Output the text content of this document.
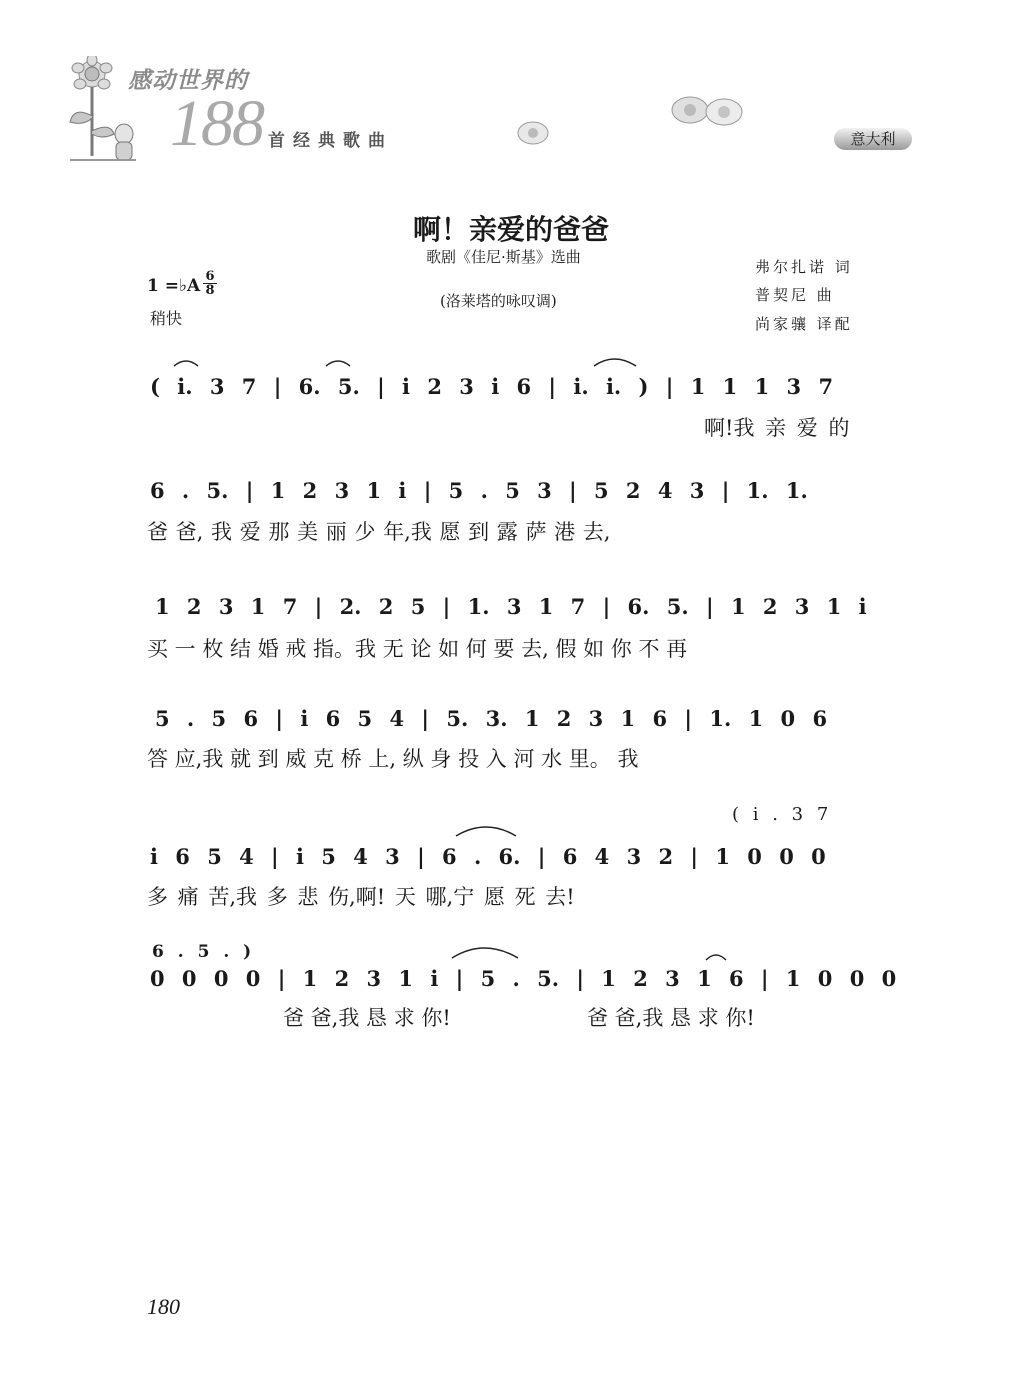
感动世界的
188 首经典歌曲	意大利
啊！亲爱的爸爸
歌剧《佳尼·斯基》选曲
(洛莱塔的咏叹调)
1 =♭A 6
8
稍快
弗尔扎诺 词
普契尼 曲
尚家骧 译配
( i. 3 7 | 6. 5. | i 2 3 i 6 | i. i. ) | 1 1 1 3 7
啊!我 亲 爱 的
6 . 5. | 1 2 3 1 i | 5 . 5 3 | 5 2 4 3 | 1. 1.
爸 爸, 我 爱 那 美 丽 少 年,我 愿 到 露 萨 港 去,
1 2 3 1 7 | 2. 2 5 | 1. 3 1 7 | 6. 5. | 1 2 3 1 i
买 一 枚 结 婚 戒 指。我 无 论 如 何 要 去, 假 如 你 不 再
5 . 5 6 | i 6 5 4 | 5. 3. 1 2 3 1 6 | 1. 1 0 6
答 应,我 就 到 威 克 桥 上, 纵 身 投 入 河 水 里。 我
( i . 3 7
i 6 5 4 | i 5 4 3 | 6 . 6. | 6 4 3 2 | 1 0 0 0
多 痛 苦,我 多 悲 伤,啊! 天 哪,宁 愿 死 去!
6 . 5 . )
0 0 0 0 | 1 2 3 1 i | 5 . 5. | 1 2 3 1 6 | 1 0 0 0
爸 爸,我 恳 求 你!	爸 爸,我 恳 求 你!
180
